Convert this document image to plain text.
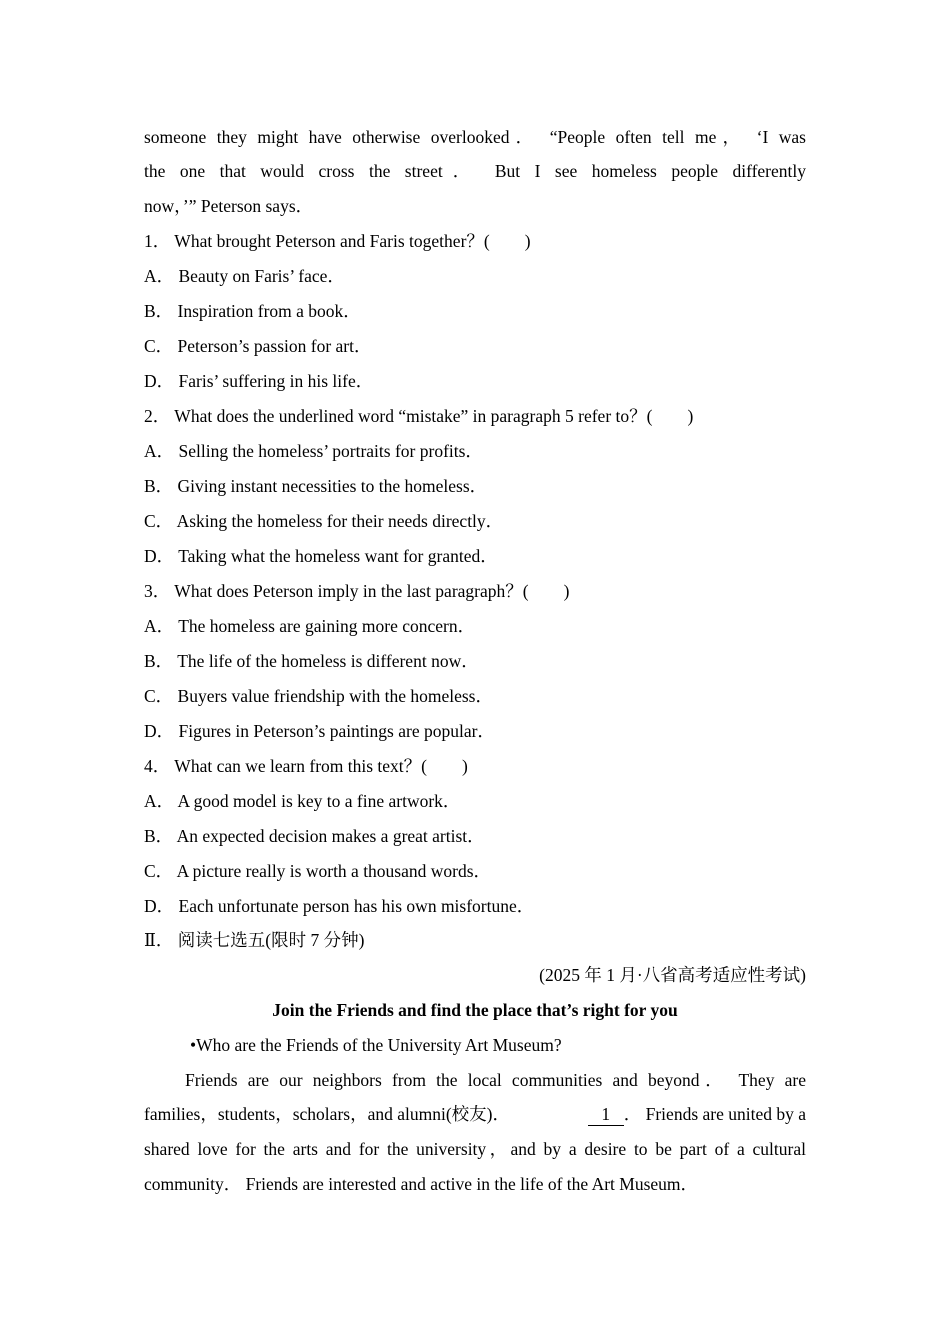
someone they might have otherwise overlooked． “People often tell me， ‘I was
the one that would cross the street． But I see homeless people differently
now，’” Peterson says．
1． What brought Peterson and Faris together？(　　)
A． Beauty on Faris’ face．
B． Inspiration from a book．
C． Peterson’s passion for art．
D． Faris’ suffering in his life．
2． What does the underlined word “mistake” in paragraph 5 refer to？(　　)
A． Selling the homeless’ portraits for profits．
B． Giving instant necessities to the homeless．
C． Asking the homeless for their needs directly．
D． Taking what the homeless want for granted．
3． What does Peterson imply in the last paragraph？(　　)
A． The homeless are gaining more concern．
B． The life of the homeless is different now．
C． Buyers value friendship with the homeless．
D． Figures in Peterson’s paintings are popular．
4． What can we learn from this text？(　　)
A． A good model is key to a fine artwork．
B． An expected decision makes a great artist．
C． A picture really is worth a thousand words．
D． Each unfortunate person has his own misfortune．
Ⅱ． 阅读七选五(限时 7 分钟)
(2025 年 1 月·八省高考适应性考试)
Join the Friends and find the place that’s right for you
•Who are the Friends of the University Art Museum?
Friends are our neighbors from the local communities and beyond． They are
families，students，scholars，and alumni(校友)．	1 ． Friends are united by a
shared love for the arts and for the university，and by a desire to be part of a cultural
community． Friends are interested and active in the life of the Art Museum．
